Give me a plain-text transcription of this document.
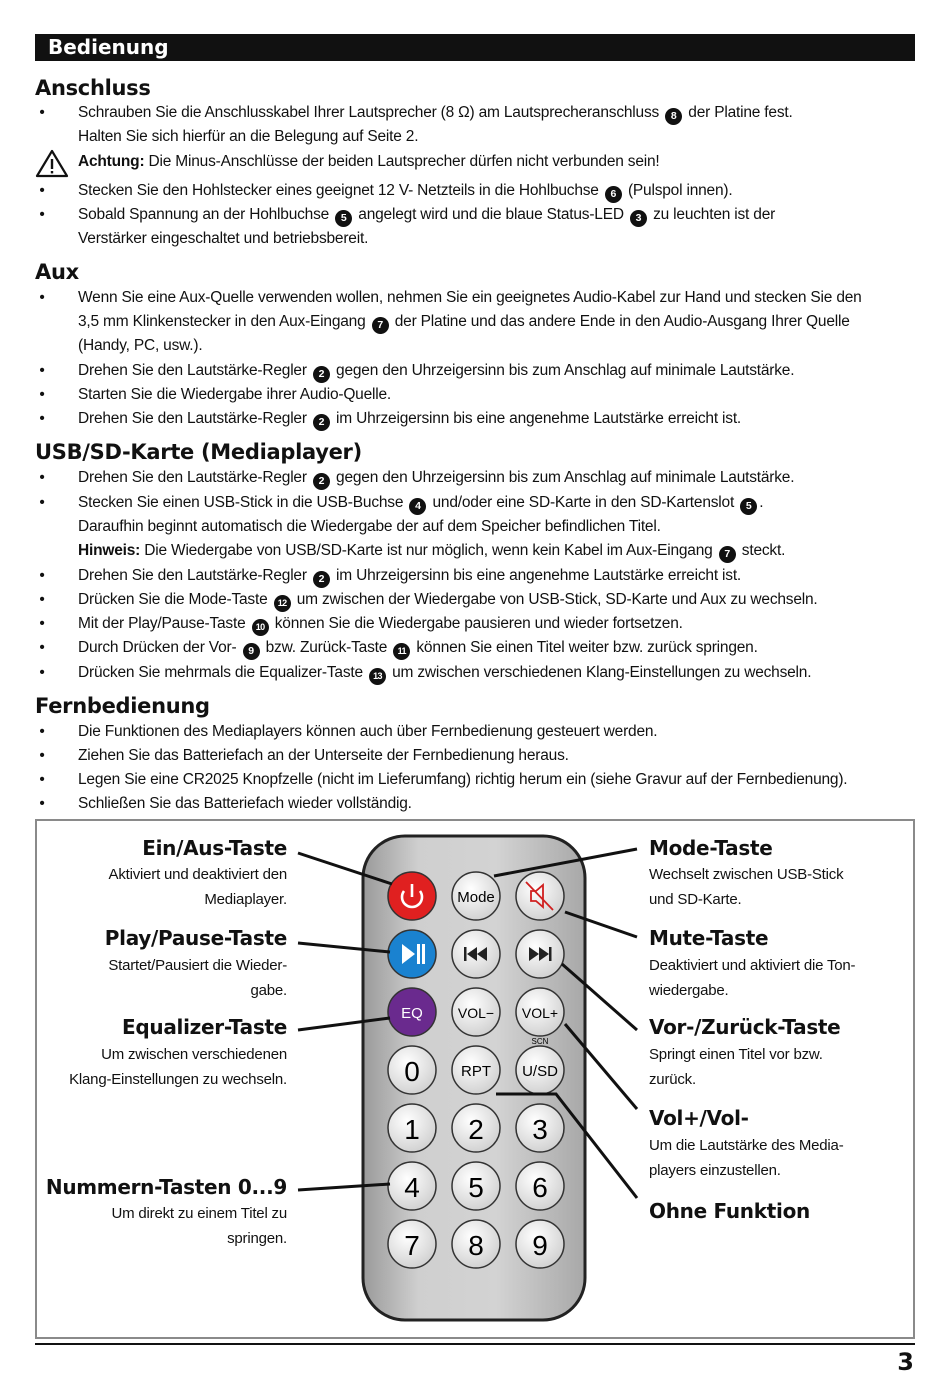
Bedienung
Anschluss
• Schrauben Sie die Anschlusskabel Ihrer Lautsprecher (8 Ω) am Lautsprecheranschluss 8 der Platine fest.
Halten Sie sich hierfür an die Belegung auf Seite 2.
Achtung: Die Minus-Anschlüsse der beiden Lautsprecher dürfen nicht verbunden sein!
• Stecken Sie den Hohlstecker eines geeignet 12 V- Netzteils in die Hohlbuchse 6 (Pulspol innen).
• Sobald Spannung an der Hohlbuchse 5 angelegt wird und die blaue Status-LED 3 zu leuchten ist der
Verstärker eingeschaltet und betriebsbereit.
Aux
• Wenn Sie eine Aux-Quelle verwenden wollen, nehmen Sie ein geeignetes Audio-Kabel zur Hand und stecken Sie den
3,5 mm Klinkenstecker in den Aux-Eingang 7 der Platine und das andere Ende in den Audio-Ausgang Ihrer Quelle
(Handy, PC, usw.).
• Drehen Sie den Lautstärke-Regler 2 gegen den Uhrzeigersinn bis zum Anschlag auf minimale Lautstärke.
• Starten Sie die Wiedergabe ihrer Audio-Quelle.
• Drehen Sie den Lautstärke-Regler 2 im Uhrzeigersinn bis eine angenehme Lautstärke erreicht ist.
USB/SD-Karte (Mediaplayer)
• Drehen Sie den Lautstärke-Regler 2 gegen den Uhrzeigersinn bis zum Anschlag auf minimale Lautstärke.
• Stecken Sie einen USB-Stick in die USB-Buchse 4 und/oder eine SD-Karte in den SD-Kartenslot 5 .
Daraufhin beginnt automatisch die Wiedergabe der auf dem Speicher befindlichen Titel.
Hinweis: Die Wiedergabe von USB/SD-Karte ist nur möglich, wenn kein Kabel im Aux-Eingang 7 steckt.
• Drehen Sie den Lautstärke-Regler 2 im Uhrzeigersinn bis eine angenehme Lautstärke erreicht ist.
• Drücken Sie die Mode-Taste 12 um zwischen der Wiedergabe von USB-Stick, SD-Karte und Aux zu wechseln.
• Mit der Play/Pause-Taste 10 können Sie die Wiedergabe pausieren und wieder fortsetzen.
• Durch Drücken der Vor- 9 bzw. Zurück-Taste 11 können Sie einen Titel weiter bzw. zurück springen.
• Drücken Sie mehrmals die Equalizer-Taste 13 um zwischen verschiedenen Klang-Einstellungen zu wechseln.
Fernbedienung
• Die Funktionen des Mediaplayers können auch über Fernbedienung gesteuert werden.
• Ziehen Sie das Batteriefach an der Unterseite der Fernbedienung heraus.
• Legen Sie eine CR2025 Knopfzelle (nicht im Lieferumfang) richtig herum ein (siehe Gravur auf der Fernbedienung).
• Schließen Sie das Batteriefach wieder vollständig.
Mode
EQ	VOL− VOL+
SCN
0	RPT U/SD
1 2 3
4 5 6
7 8 9
Ein/Aus-Taste
Aktiviert und deaktiviert den
Mediaplayer.
Play/Pause-Taste
Startet/Pausiert die Wieder-
gabe.
Equalizer-Taste
Um zwischen verschiedenen
Klang-Einstellungen zu wechseln.
Nummern-Tasten 0...9
Um direkt zu einem Titel zu
springen.
Mode-Taste
Wechselt zwischen USB-Stick
und SD-Karte.
Mute-Taste
Deaktiviert und aktiviert die Ton-
wiedergabe.
Vor-/Zurück-Taste
Springt einen Titel vor bzw.
zurück.
Vol+/Vol-
Um die Lautstärke des Media-
players einzustellen.
Ohne Funktion
3
